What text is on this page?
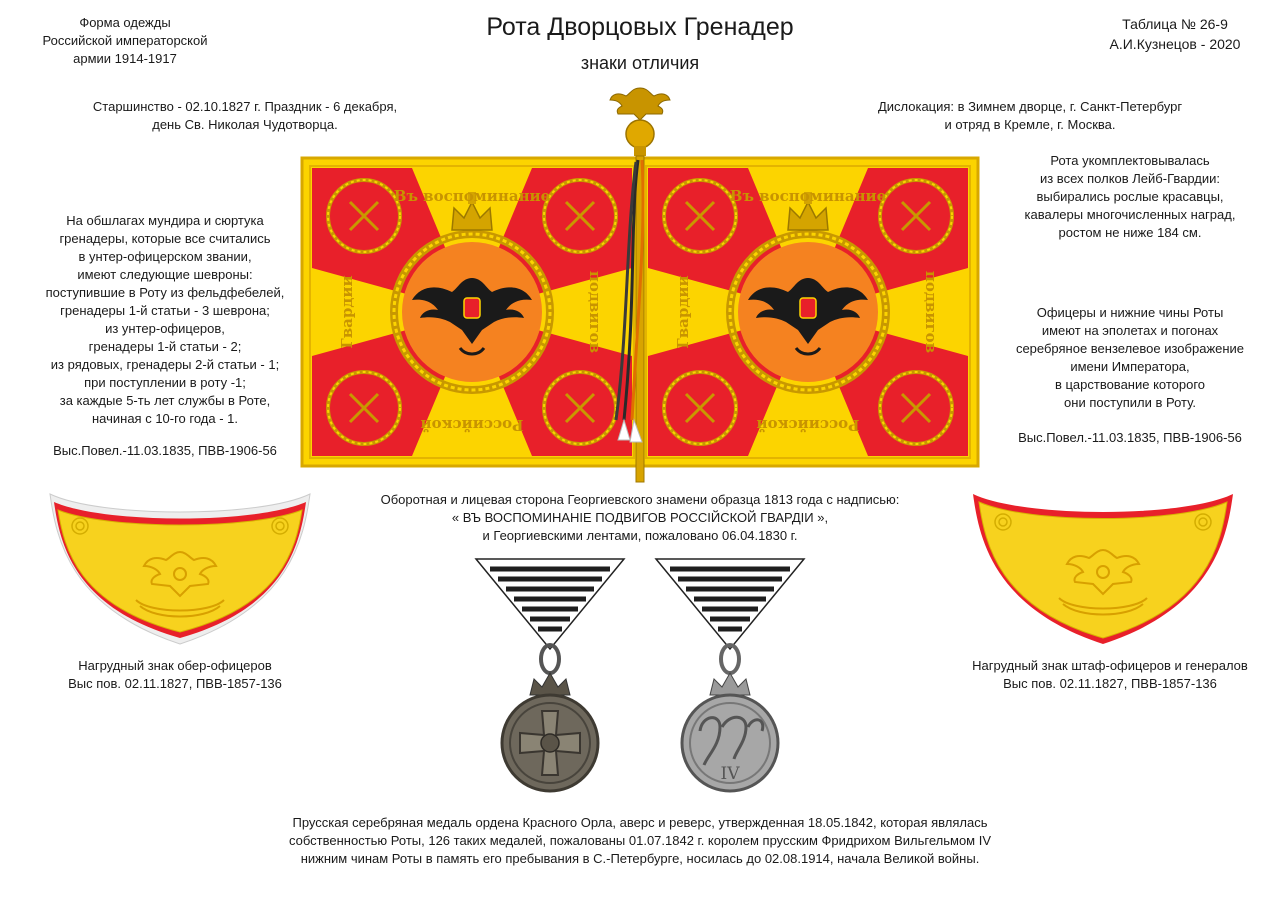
Форма одежды
Российской императорской
армии 1914-1917
Рота Дворцовых Гренадер
знаки отличия
Таблица № 26-9
А.И.Кузнецов - 2020
Старшинство - 02.10.1827 г. Праздник - 6 декабря,
день Св. Николая Чудотворца.
Дислокация: в Зимнем дворце, г. Санкт-Петербург
и отряд в Кремле, г. Москва.
Рота укомплектовывалась
из всех полков Лейб-Гвардии:
выбирались рослые красавцы,
кавалеры многочисленных наград,
ростом не ниже 184 см.
Офицеры и нижние чины Роты
имеют на эполетах и погонах
серебряное вензелевое изображение
имени Императора,
в царствование которого
они поступили в Роту.
Выс.Повел.-11.03.1835, ПВВ-1906-56
На обшлагах мундира и сюртука
гренадеры, которые все считались
в унтер-офицерском звании,
имеют следующие шевроны:
поступившие в Роту из фельдфебелей,
гренадеры 1-й статьи - 3 шеврона;
из унтер-офицеров,
гренадеры 1-й статьи - 2;
из рядовых, гренадеры 2-й статьи - 1;
при поступлении в роту -1;
за каждые 5-ть лет службы в Роте,
начиная с 10-го года - 1.
Выс.Повел.-11.03.1835, ПВВ-1906-56
Въ воспоминание	Въ воспоминание
Гвардии	Гвардии
подвигов	подвигов
Российской	Российской
Оборотная и лицевая сторона Георгиевского знамени образца 1813 года с надписью:
« ВЪ ВОСПОМИНАНIЕ ПОДВИГОВ РОССIЙСКОЙ ГВАРДIИ »,
и Георгиевскими лентами, пожаловано 06.04.1830 г.
Нагрудный знак обер-офицеров
Выс пов. 02.11.1827, ПВВ-1857-136
Нагрудный знак штаф-офицеров и генералов
Выс пов. 02.11.1827, ПВВ-1857-136
IV
Прусская серебряная медаль ордена Красного Орла, аверс и реверс, утвержденная 18.05.1842, которая являлась
собственностью Роты, 126 таких медалей, пожалованы 01.07.1842 г. королем прусским Фридрихом Вильгельмом IV
нижним чинам Роты в память его пребывания в С.-Петербурге, носилась до 02.08.1914, начала Великой войны.
